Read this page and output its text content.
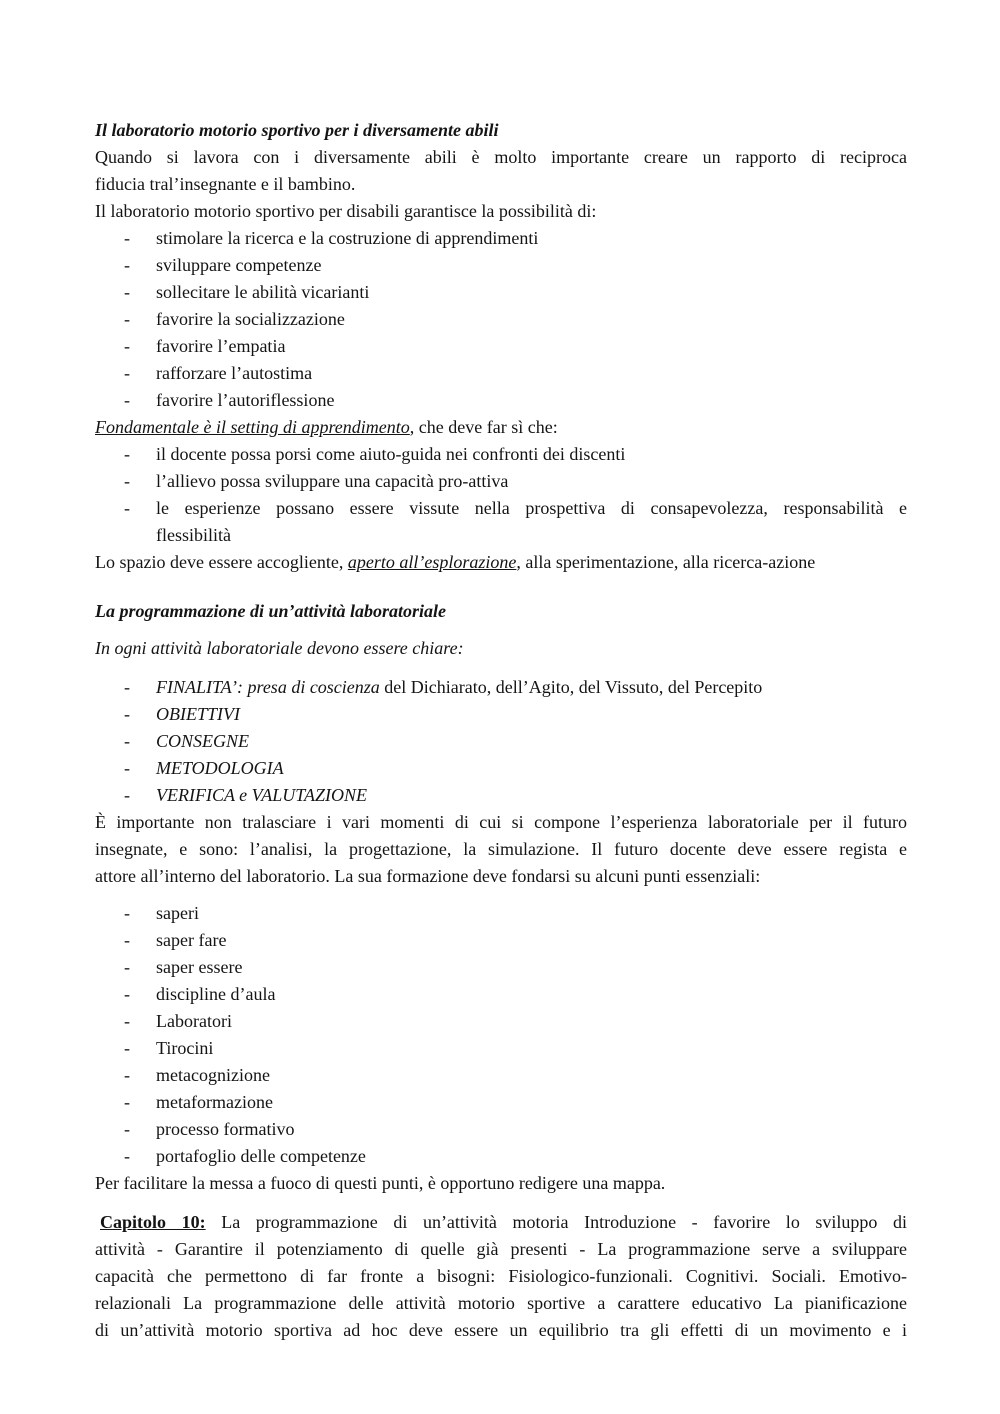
Il laboratorio motorio sportivo per i diversamente abili
Quando si lavora con i diversamente abili è molto importante creare un rapporto di reciproca
fiducia tral’insegnante e il bambino.
Il laboratorio motorio sportivo per disabili garantisce la possibilità di:
- stimolare la ricerca e la costruzione di apprendimenti
- sviluppare competenze
- sollecitare le abilità vicarianti
- favorire la socializzazione
- favorire l’empatia
- rafforzare l’autostima
- favorire l’autoriflessione
Fondamentale è il setting di apprendimento, che deve far sì che:
- il docente possa porsi come aiuto-guida nei confronti dei discenti
- l’allievo possa sviluppare una capacità pro-attiva
- le esperienze possano essere vissute nella prospettiva di consapevolezza, responsabilità e
flessibilità
Lo spazio deve essere accogliente, aperto all’esplorazione, alla sperimentazione, alla ricerca-azione
La programmazione di un’attività laboratoriale
In ogni attività laboratoriale devono essere chiare:
- FINALITA’: presa di coscienza del Dichiarato, dell’Agito, del Vissuto, del Percepito
- OBIETTIVI
- CONSEGNE
- METODOLOGIA
- VERIFICA e VALUTAZIONE
È importante non tralasciare i vari momenti di cui si compone l’esperienza laboratoriale per il futuro
insegnate, e sono: l’analisi, la progettazione, la simulazione. Il futuro docente deve essere regista e
attore all’interno del laboratorio. La sua formazione deve fondarsi su alcuni punti essenziali:
- saperi
- saper fare
- saper essere
- discipline d’aula
- Laboratori
- Tirocini
- metacognizione
- metaformazione
- processo formativo
- portafoglio delle competenze
Per facilitare la messa a fuoco di questi punti, è opportuno redigere una mappa.
Capitolo 10: La programmazione di un’attività motoria Introduzione - favorire lo sviluppo di
attività - Garantire il potenziamento di quelle già presenti - La programmazione serve a sviluppare
capacità che permettono di far fronte a bisogni: Fisiologico-funzionali. Cognitivi. Sociali. Emotivo-
relazionali La programmazione delle attività motorio sportive a carattere educativo La pianificazione
di un’attività motorio sportiva ad hoc deve essere un equilibrio tra gli effetti di un movimento e i
